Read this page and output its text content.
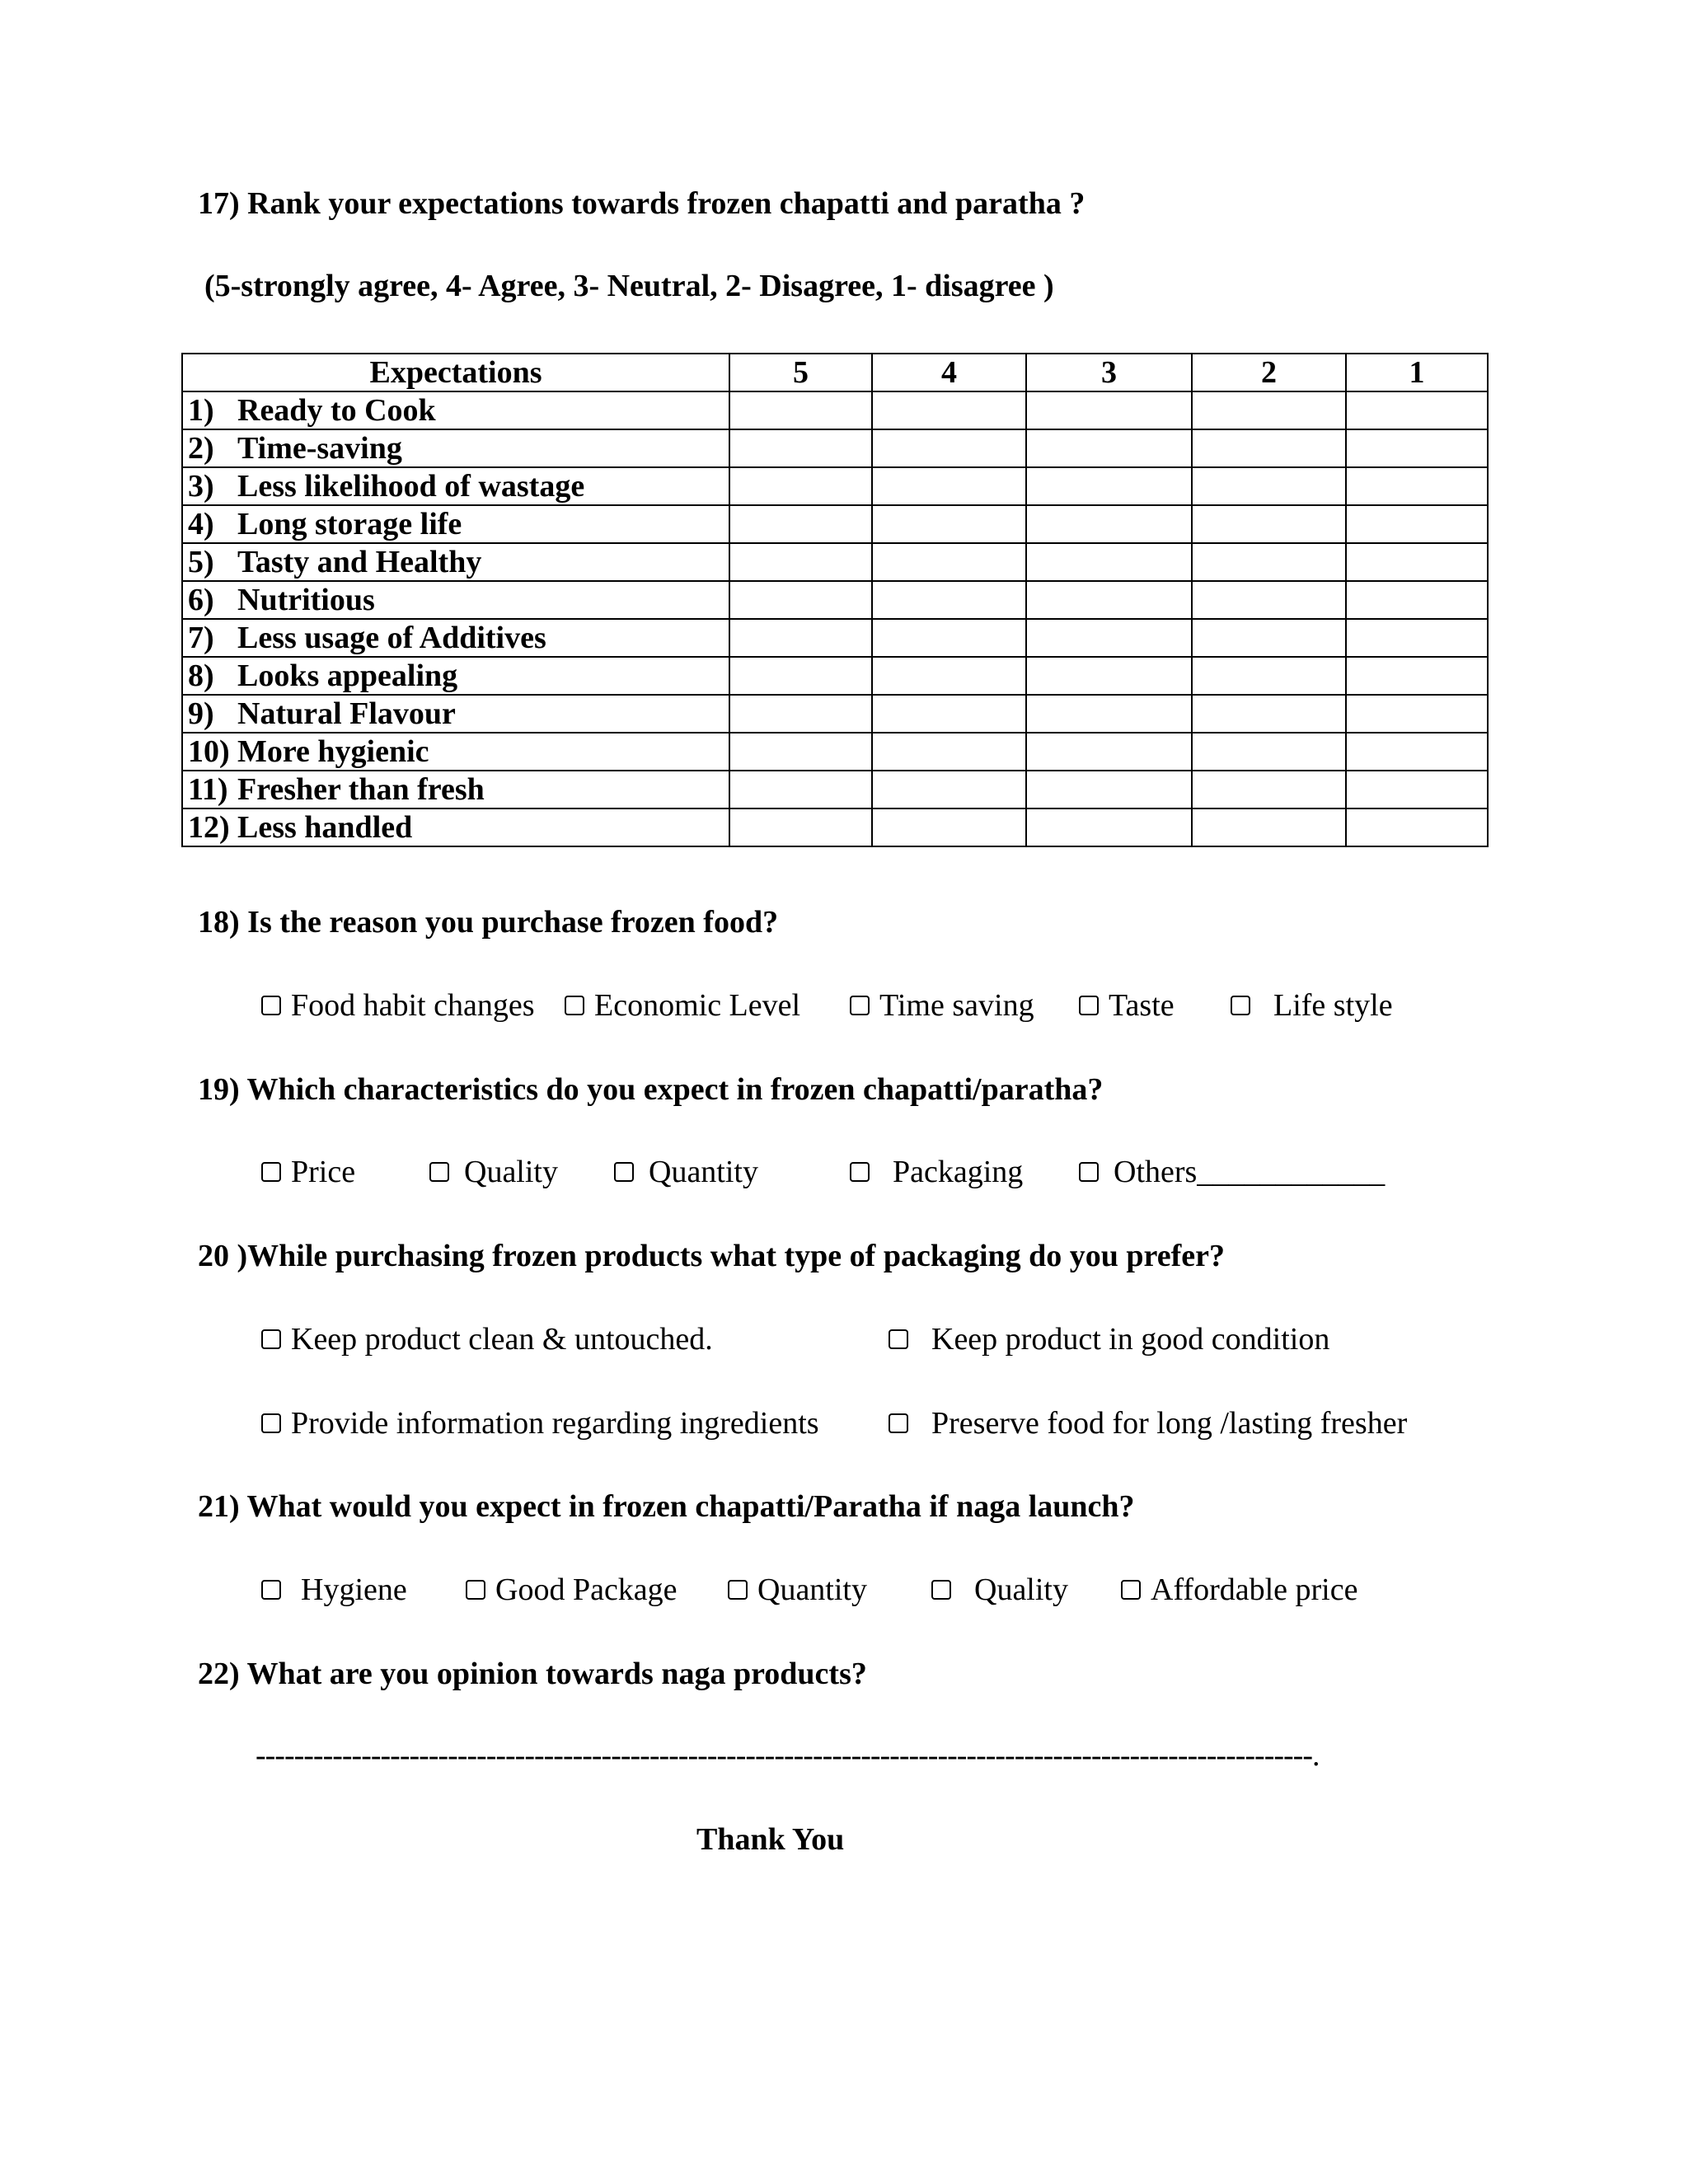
17) Rank your expectations towards frozen chapatti and paratha ?
(5-strongly agree, 4- Agree, 3- Neutral, 2- Disagree, 1- disagree )
Expectations	5	4	3	2	1
1) Ready to Cook					
2) Time-saving					
3) Less likelihood of wastage					
4) Long storage life					
5) Tasty and Healthy					
6) Nutritious					
7) Less usage of Additives					
8) Looks appealing					
9) Natural Flavour					
10) More hygienic					
11) Fresher than fresh					
12) Less handled					
18) Is the reason you purchase frozen food?
Food habit changes Economic Level	Time saving Taste	Life style
19) Which characteristics do you expect in frozen chapatti/paratha?
Price	Quality	Quantity	Packaging	Others____________
20 )While purchasing frozen products what type of packaging do you prefer?
Keep product clean & untouched.	Keep product in good condition
Provide information regarding ingredients	Preserve food for long /lasting fresher
21) What would you expect in frozen chapatti/Paratha if naga launch?
Hygiene	Good Package	Quantity	Quality	Affordable price
22) What are you opinion towards naga products?
--------------------------------------------------------------------------------------------------------------.
Thank You
